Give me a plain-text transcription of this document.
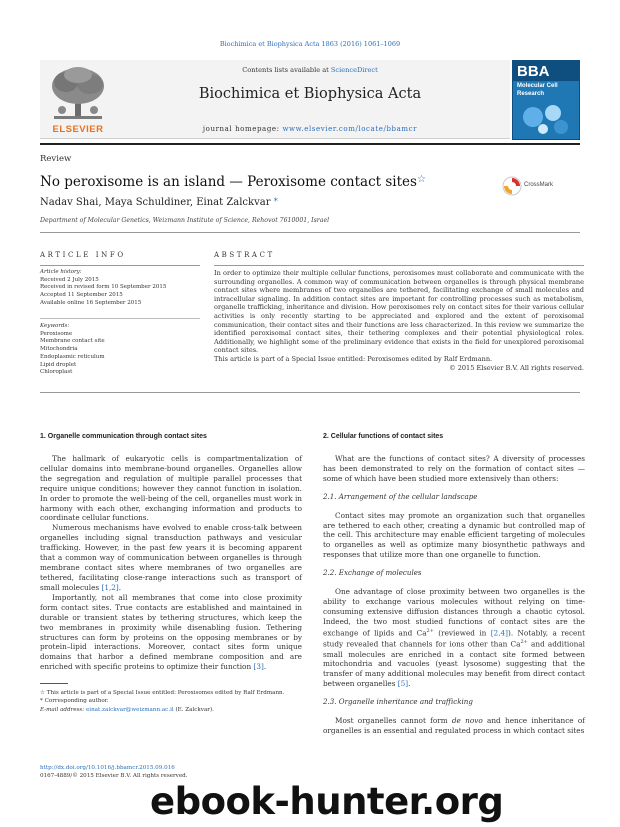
Biochimica et Biophysica Acta 1863 (2016) 1061–1069
ELSEVIER
Contents lists available at ScienceDirect
Biochimica et Biophysica Acta
journal homepage: www.elsevier.com/locate/bbamcr
BBA
Molecular Cell
Research
Review
No peroxisome is an island — Peroxisome contact sites☆	CrossMark
Nadav Shai, Maya Schuldiner, Einat Zalckvar *
Department of Molecular Genetics, Weizmann Institute of Science, Rehovot 7610001, Israel
ARTICLE INFO
Article history:
Received 2 July 2015
Received in revised form 10 September 2015
Accepted 11 September 2015
Available online 16 September 2015
Keywords:
Peroxisome
Membrane contact site
Mitochondria
Endoplasmic reticulum
Lipid droplet
Chloroplast
ABSTRACT

In order to optimize their multiple cellular functions, peroxisomes must collaborate and communicate with the surrounding organelles. A common way of communication between organelles is through physical membrane contact sites where membranes of two organelles are tethered, facilitating exchange of small molecules and intracellular signaling. In addition contact sites are important for controlling processes such as metabolism, organelle trafficking, inheritance and division. How peroxisomes rely on contact sites for their various cellular activities is only recently starting to be appreciated and explored and the extent of peroxisomal communication, their contact sites and their functions are less characterized. In this review we summarize the identified peroxisomal contact sites, their tethering complexes and their potential physiological roles. Additionally, we highlight some of the preliminary evidence that exists in the field for unexplored peroxisomal contact sites.

This article is part of a Special Issue entitled: Peroxisomes edited by Ralf Erdmann.

© 2015 Elsevier B.V. All rights reserved.

1. Organelle communication through contact sites

The hallmark of eukaryotic cells is compartmentalization of cellular domains into membrane-bound organelles. Organelles allow the segregation and regulation of multiple parallel processes that require unique conditions; however they cannot function in isolation. In order to promote the well-being of the cell, organelles must work in harmony with each other, exchanging information and products to coordinate cellular functions.

Numerous mechanisms have evolved to enable cross-talk between organelles including signal transduction pathways and vesicular trafficking. However, in the past few years it is becoming apparent that a common way of communication between organelles is through membrane contact sites where membranes of two organelles are tethered, facilitating close-range interactions such as transport of small molecules [1,2].

Importantly, not all membranes that come into close proximity form contact sites. True contacts are established and maintained in durable or transient states by tethering structures, which keep the two membranes in proximity while disenabling fusion. Tethering structures can form by proteins on the opposing membranes or by protein–lipid interactions. Moreover, contact sites form unique domains that harbor a defined membrane composition and are enriched with specific proteins to optimize their function [3].

2. Cellular functions of contact sites

What are the functions of contact sites? A diversity of processes has been demonstrated to rely on the formation of contact sites — some of which have been studied more extensively than others:

2.1. Arrangement of the cellular landscape

Contact sites may promote an organization such that organelles are tethered to each other, creating a dynamic but controlled map of the cell. This architecture may enable efficient targeting of molecules to organelles as well as optimize many biosynthetic pathways and responses that utilize more than one organelle to function.

2.2. Exchange of molecules

One advantage of close proximity between two organelles is the ability to exchange various molecules without relying on time-consuming extensive diffusion distances through a chaotic cytosol. Indeed, the two most studied functions of contact sites are the exchange of lipids and $Ca^{2+}$ (reviewed in [2,4]). Notably, a recent study revealed that channels for ions other than $Ca^{2+}$ and additional small molecules are enriched in a contact site formed between mitochondria and vacuoles (yeast lysosome) suggesting that the transfer of many additional molecules may benefit from direct contact between organelles [5].

2.3. Organelle inheritance and trafficking

Most organelles cannot form de novo and hence inheritance of organelles is an essential and regulated process in which contact sites

☆ This article is part of a Special Issue entitled: Peroxisomes edited by Ralf Erdmann.
* Corresponding author.
E-mail address: einat.zalckvar@weizmann.ac.il (E. Zalckvar).
http://dx.doi.org/10.1016/j.bbamcr.2015.09.016
0167-4889/© 2015 Elsevier B.V. All rights reserved.
ebook-hunter.org
